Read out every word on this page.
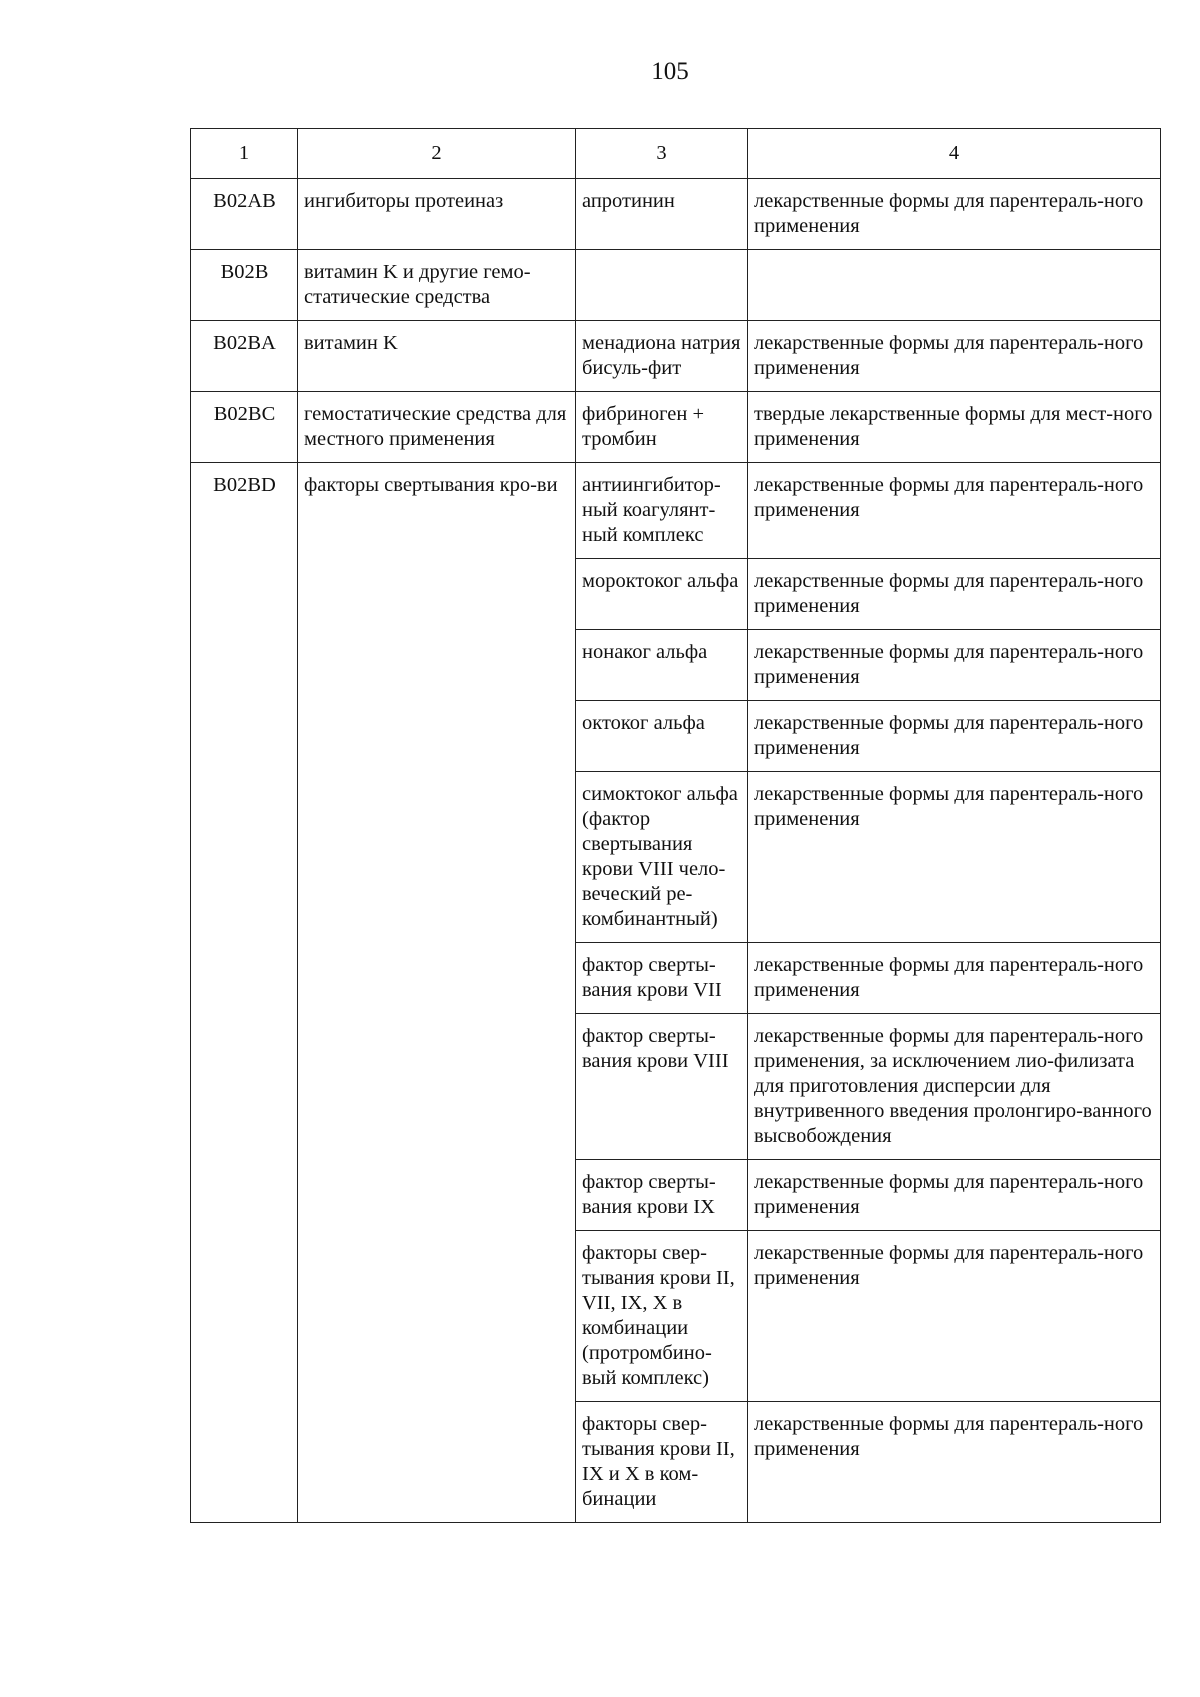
105
1	2	3	4
B02AB	ингибиторы протеиназ	апротинин	лекарственные формы для парентераль-ного применения
B02B	витамин K и другие гемо-статические средства		
B02BA	витамин K	менадиона натрия бисуль-фит	лекарственные формы для парентераль-ного применения
B02BC	гемостатические средства для местного применения	фибриноген + тромбин	твердые лекарственные формы для мест-ного применения
B02BD	факторы свертывания кро-ви	антиингибитор-ный коагулянт-ный комплекс	лекарственные формы для парентераль-ного применения
		мороктоког альфа	лекарственные формы для парентераль-ного применения
		нонаког альфа	лекарственные формы для парентераль-ного применения
		октоког альфа	лекарственные формы для парентераль-ного применения
		симоктоког альфа (фактор свертывания крови VIII чело-веческий ре-комбинантный)	лекарственные формы для парентераль-ного применения
		фактор сверты-вания крови VII	лекарственные формы для парентераль-ного применения
		фактор сверты-вания крови VIII	лекарственные формы для парентераль-ного применения, за исключением лио-филизата для приготовления дисперсии для внутривенного введения пролонгиро-ванного высвобождения
		фактор сверты-вания крови IX	лекарственные формы для парентераль-ного применения
		факторы свер-тывания крови II, VII, IX, X в комбинации (протромбино-вый комплекс)	лекарственные формы для парентераль-ного применения
		факторы свер-тывания крови II, IX и X в ком-бинации	лекарственные формы для парентераль-ного применения
